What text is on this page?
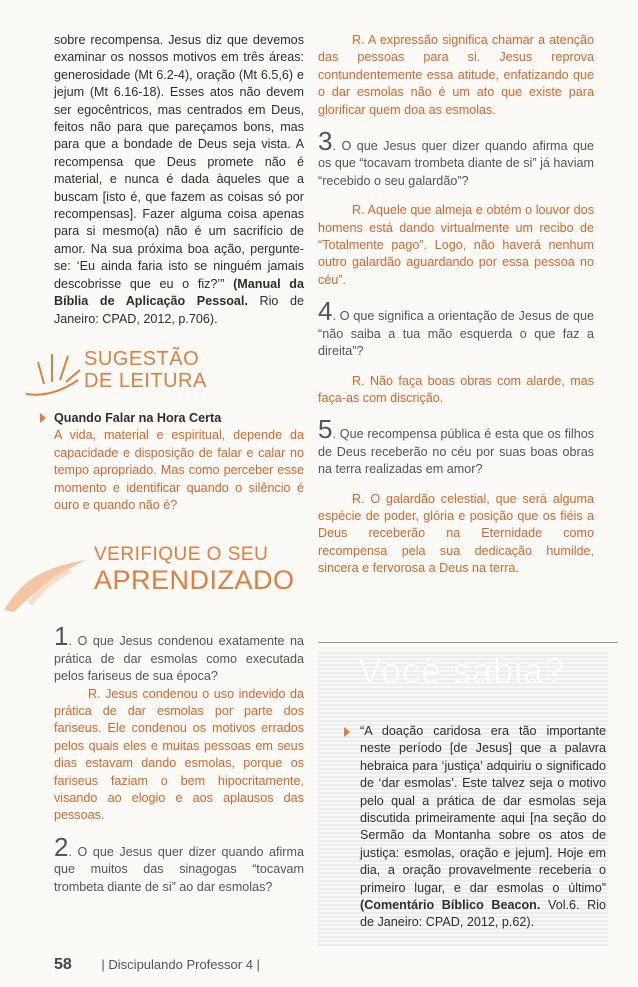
sobre recompensa. Jesus diz que devemos examinar os nossos motivos em três áreas: generosidade (Mt 6.2-4), oração (Mt 6.5,6) e jejum (Mt 6.16-18). Esses atos não devem ser egocêntricos, mas centrados em Deus, feitos não para que pareçamos bons, mas para que a bondade de Deus seja vista. A recompensa que Deus promete não é material, e nunca é dada àqueles que a buscam [isto é, que fazem as coisas só por recompensas]. Fazer alguma coisa apenas para si mesmo(a) não é um sacrifício de amor. Na sua próxima boa ação, pergunte-se: ‘Eu ainda faria isto se ninguém jamais descobrisse que eu o fiz?’” (Manual da Bíblia de Aplicação Pessoal. Rio de Janeiro: CPAD, 2012, p.706).

SUGESTÃO
DE LEITURA
Quando Falar na Hora Certa
A vida, material e espiritual, depende da capacidade e disposição de falar e calar no tempo apropriado. Mas como perceber esse momento e identificar quando o silêncio é ouro e quando não é?
VERIFIQUE O SEU
APRENDIZADO

1. O que Jesus condenou exatamente na prática de dar esmolas como executada pelos fariseus de sua época?

R. Jesus condenou o uso indevido da prática de dar esmolas por parte dos fariseus. Ele condenou os motivos errados pelos quais eles e muitas pessoas em seus dias estavam dando esmolas, porque os fariseus faziam o bem hipocritamente, visando ao elogio e aos aplausos das pessoas.

2. O que Jesus quer dizer quando afirma que muitos das sinagogas “tocavam trombeta diante de si” ao dar esmolas?

R. A expressão significa chamar a atenção das pessoas para si. Jesus reprova contundentemente essa atitude, enfatizando que o dar esmolas não é um ato que existe para glorificar quem doa as esmolas.

3. O que Jesus quer dizer quando afirma que os que “tocavam trombeta diante de si” já haviam “recebido o seu galardão”?

R. Aquele que almeja e obtém o louvor dos homens está dando virtualmente um recibo de “Totalmente pago”. Logo, não haverá nenhum outro galardão aguardando por essa pessoa no céu”.

4. O que significa a orientação de Jesus de que “não saiba a tua mão esquerda o que faz a direita”?

R. Não faça boas obras com alarde, mas faça-as com discrição.

5. Que recompensa pública é esta que os filhos de Deus receberão no céu por suas boas obras na terra realizadas em amor?

R. O galardão celestial, que será alguma espécie de poder, glória e posição que os fiéis a Deus receberão na Eternidade como recompensa pela sua dedicação humilde, sincera e fervorosa a Deus na terra.

Você sabia?
“A doação caridosa era tão importante neste período [de Jesus] que a palavra hebraica para ‘justiça’ adquiriu o significado de ‘dar esmolas’. Este talvez seja o motivo pelo qual a prática de dar esmolas seja discutida primeiramente aqui [na seção do Sermão da Montanha sobre os atos de justiça: esmolas, oração e jejum]. Hoje em dia, a oração provavelmente receberia o primeiro lugar, e dar esmolas o último” (Comentário Bíblico Beacon. Vol.6. Rio de Janeiro: CPAD, 2012, p.62).
58 | Discipulando Professor 4 |
